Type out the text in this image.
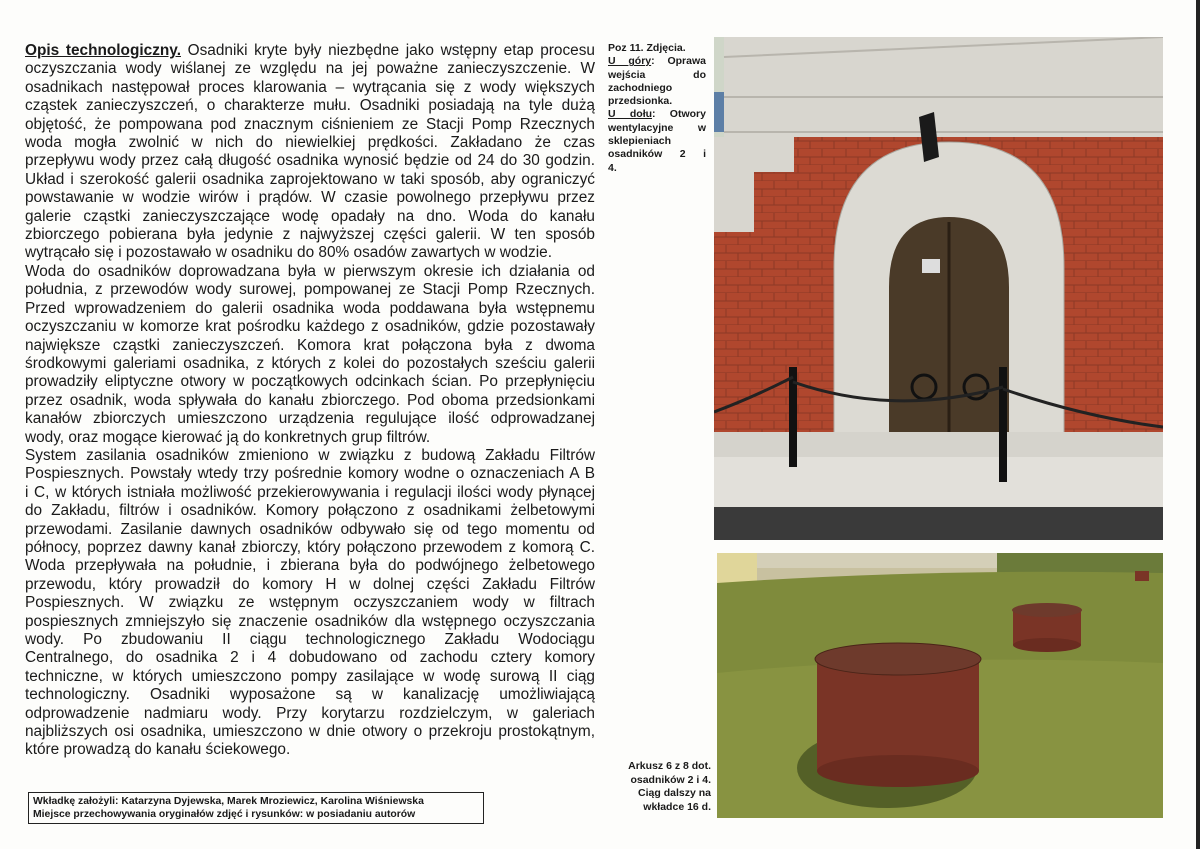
Opis technologiczny. Osadniki kryte były niezbędne jako wstępny etap procesu
oczyszczania wody wiślanej ze względu na jej poważne zanieczyszczenie. W
osadnikach następował proces klarowania – wytrącania się z wody większych
cząstek zanieczyszczeń, o charakterze mułu. Osadniki posiadają na tyle dużą
objętość, że pompowana pod znacznym ciśnieniem ze Stacji Pomp Rzecznych
woda mogła zwolnić w nich do niewielkiej prędkości. Zakładano że czas
przepływu wody przez całą długość osadnika wynosić będzie od 24 do 30 godzin.
Układ i szerokość galerii osadnika zaprojektowano w taki sposób, aby ograniczyć
powstawanie w wodzie wirów i prądów. W czasie powolnego przepływu przez
galerie cząstki zanieczyszczające wodę opadały na dno. Woda do kanału
zbiorczego pobierana była jedynie z najwyższej części galerii. W ten sposób
wytrącało się i pozostawało w osadniku do 80% osadów zawartych w wodzie.
Woda do osadników doprowadzana była w pierwszym okresie ich działania od
południa, z przewodów wody surowej, pompowanej ze Stacji Pomp Rzecznych.
Przed wprowadzeniem do galerii osadnika woda poddawana była wstępnemu
oczyszczaniu w komorze krat pośrodku każdego z osadników, gdzie pozostawały
największe cząstki zanieczyszczeń. Komora krat połączona była z dwoma
środkowymi galeriami osadnika, z których z kolei do pozostałych sześciu galerii
prowadziły eliptyczne otwory w początkowych odcinkach ścian. Po przepłynięciu
przez osadnik, woda spływała do kanału zbiorczego. Pod oboma przedsionkami
kanałów zbiorczych umieszczono urządzenia regulujące ilość odprowadzanej
wody, oraz mogące kierować ją do konkretnych grup filtrów.
System zasilania osadników zmieniono w związku z budową Zakładu Filtrów
Pospiesznych. Powstały wtedy trzy pośrednie komory wodne o oznaczeniach A B
i C, w których istniała możliwość przekierowywania i regulacji ilości wody płynącej
do Zakładu, filtrów i osadników. Komory połączono z osadnikami żelbetowymi
przewodami. Zasilanie dawnych osadników odbywało się od tego momentu od
północy, poprzez dawny kanał zbiorczy, który połączono przewodem z komorą C.
Woda przepływała na południe, i zbierana była do podwójnego żelbetowego
przewodu, który prowadził do komory H w dolnej części Zakładu Filtrów
Pospiesznych. W związku ze wstępnym oczyszczaniem wody w filtrach
pospiesznych zmniejszyło się znaczenie osadników dla wstępnego oczyszczania
wody. Po zbudowaniu II ciągu technologicznego Zakładu Wodociągu
Centralnego, do osadnika 2 i 4 dobudowano od zachodu cztery komory
techniczne, w których umieszczono pompy zasilające w wodę surową II ciąg
technologiczny. Osadniki wyposażone są w kanalizację umożliwiającą
odprowadzenie nadmiaru wody. Przy korytarzu rozdzielczym, w galeriach
najbliższych osi osadnika, umieszczono w dnie otwory o przekroju prostokątnym,
które prowadzą do kanału ściekowego.
Poz 11. Zdjęcia.
U góry: Oprawa
wejścia do
zachodniego
przedsionka.
U dołu: Otwory
wentylacyjne w
sklepieniach
osadników 2 i
4.
Arkusz 6 z 8 dot.
osadników 2 i 4.
Ciąg dalszy na
wkładce 16 d.
Wkładkę założyli: Katarzyna Dyjewska, Marek Mroziewicz, Karolina Wiśniewska
Miejsce przechowywania oryginałów zdjęć i rysunków: w posiadaniu autorów
